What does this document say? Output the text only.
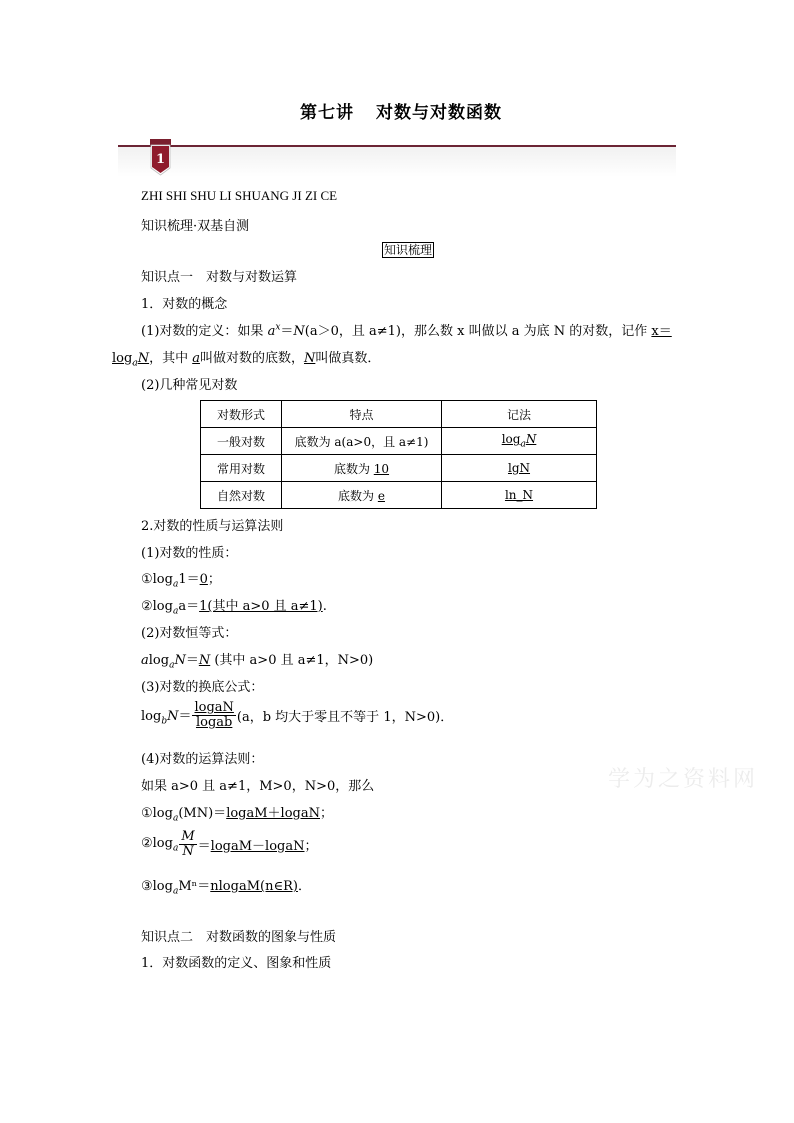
第七讲 对数与对数函数
1
ZHI SHI SHU LI SHUANG JI ZI CE
知识梳理·双基自测
知识梳理
知识点一　对数与对数运算
1．对数的概念
(1)对数的定义：如果 $a^x=N(a>0$，且 a≠1)，那么数 x 叫做以 a 为底 N 的对数，记作 x＝
$\log_aN$，其中 a叫做对数的底数，N叫做真数．
(2)几种常见对数
对数形式	特点	记法
一般对数	底数为 a(a>0，且 a≠1)	$\log_aN$
常用对数	底数为 10	lgN
自然对数	底数为 e	ln_N
2.对数的性质与运算法则
(1)对数的性质：
$①\log_a1=0$；
$②\log_aa=1$(其中 a>0 且 a≠1).
(2)对数恒等式：
alog$_a$N＝N (其中 a>0 且 a≠1，N>0)
(3)对数的换底公式：
$\log_bN= \frac{\text{logaN}}{\text{logab}} (a$，b 均大于零且不等于 1，N>0)．
(4)对数的运算法则：
如果 a>0 且 a≠1，M>0，N>0，那么
$①\log_a(MN)=logaM+logaN$；
$②\log_a \frac{M}{N}$ ＝logaM－logaN；
$③\log_aM^n=nlogaM(n\in R)$．
知识点二　对数函数的图象与性质
1．对数函数的定义、图象和性质
学为之资料网
